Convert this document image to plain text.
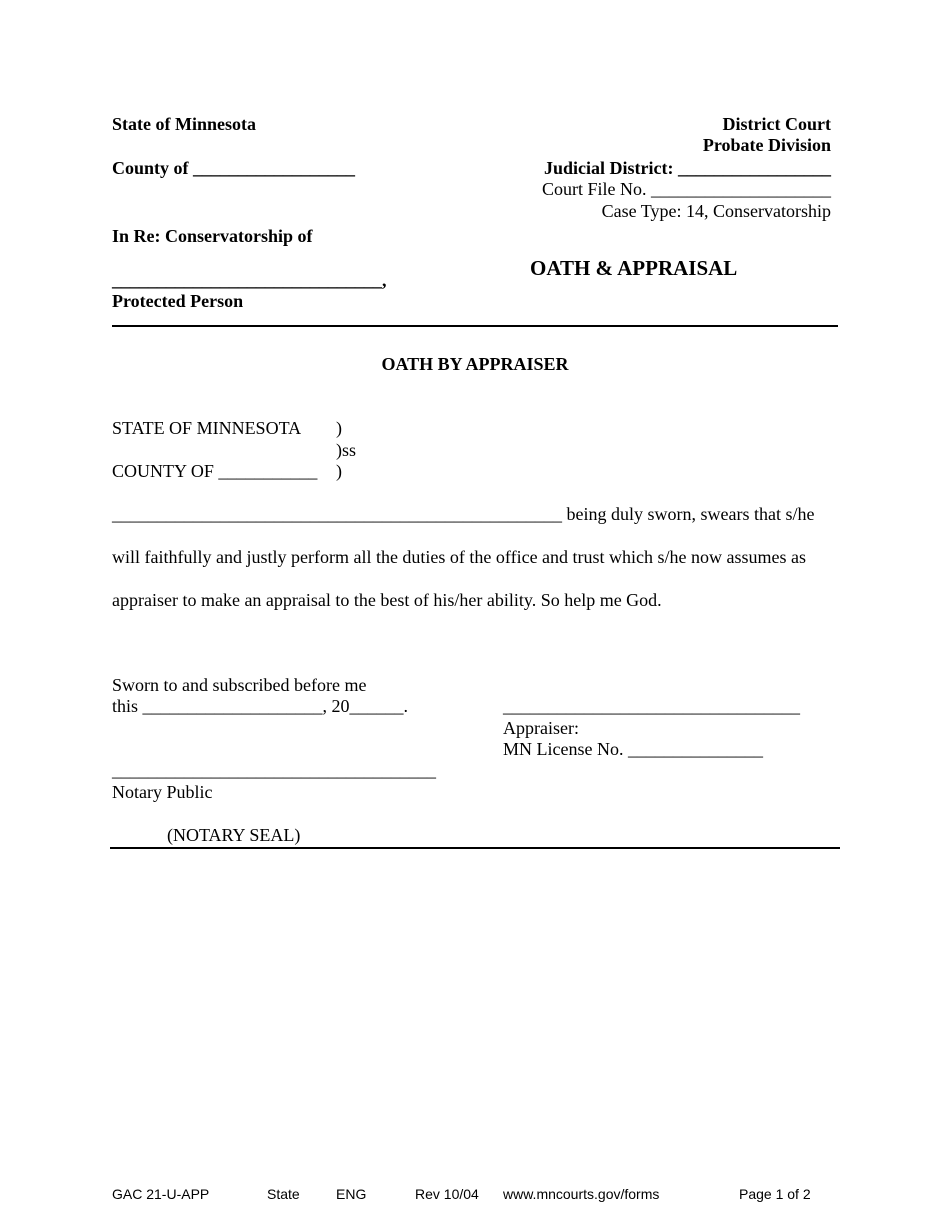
State of Minnesota
County of __________________
In Re: Conservatorship of
______________________________,
Protected Person
District Court
Probate Division
Judicial District: _________________
Court File No. ____________________
Case Type: 14, Conservatorship
OATH & APPRAISAL
OATH BY APPRAISER
STATE OF MINNESOTA )
)ss
COUNTY OF ___________ )
__________________________________________________ being duly sworn, swears that s/he
will faithfully and justly perform all the duties of the office and trust which s/he now assumes as
appraiser to make an appraisal to the best of his/her ability. So help me God.
Sworn to and subscribed before me
this ____________________, 20______.	_________________________________
Appraiser:
MN License No. _______________
____________________________________
Notary Public
(NOTARY SEAL)
GAC 21-U-APP	State	ENG	Rev 10/04 www.mncourts.gov/forms	Page 1 of 2
